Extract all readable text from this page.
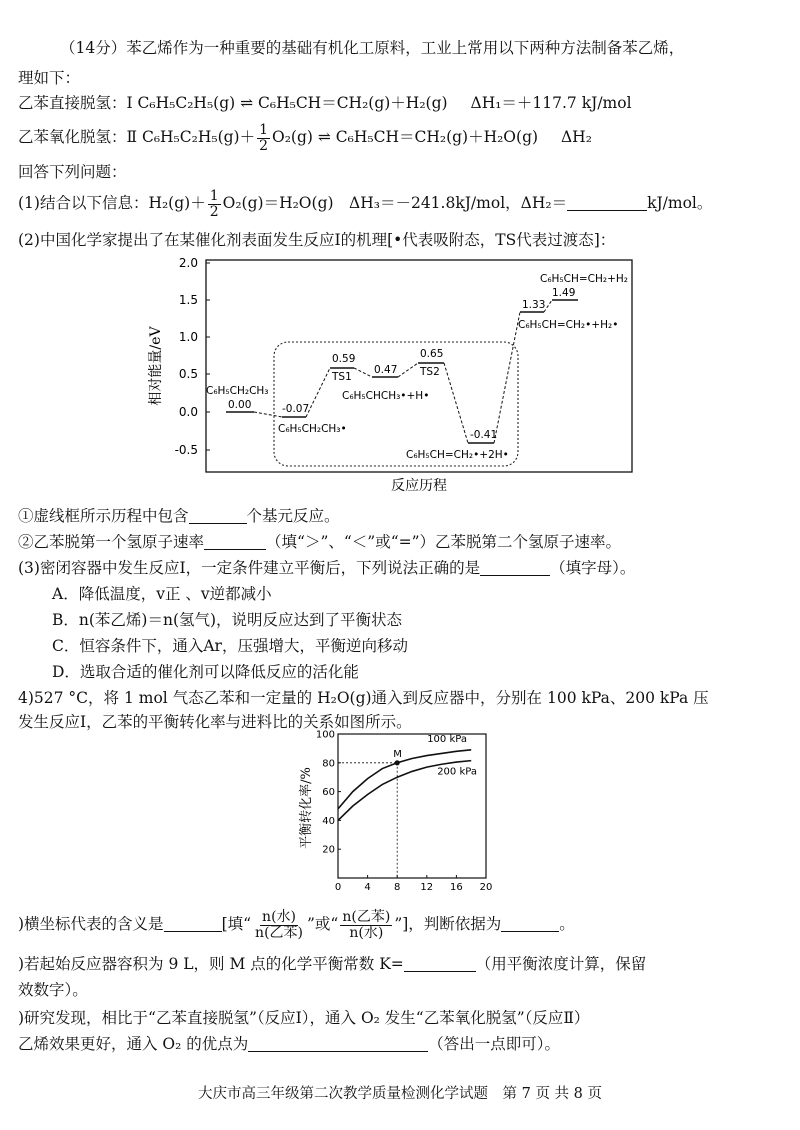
（14分）苯乙烯作为一种重要的基础有机化工原料，工业上常用以下两种方法制备苯乙烯，
理如下：
乙苯直接脱氢：Ⅰ C₆H₅C₂H₅(g) ⇌ C₆H₅CH＝CH₂(g)＋H₂(g) ΔH₁＝＋117.7 kJ/mol
乙苯氧化脱氢：Ⅱ $C_6H_5C_2H_5(g)+ \frac{1}{2} O_2(g)$ ⇌ C₆H₅CH＝CH₂(g)＋H₂O(g) ΔH₂
回答下列问题：
(1)结合以下信息：$H_2(g)+ \frac{1}{2} O_2(g)=H_2O(g)$　ΔH₃＝－241.8kJ/mol，ΔH₂＝	kJ/mol。
(2)中国化学家提出了在某催化剂表面发生反应Ⅰ的机理[•代表吸附态，TS代表过渡态]：
2.0
1.5
1.0
0.5
0.0
-0.5
相对能量/eV	C₆H₅CH₂CH₃
0.00	-0.07
C₆H₅CH₂CH₃•
0.59
TS1
0.47
C₆H₅CHCH₃•+H•
0.65
TS2
-0.41
C₆H₅CH=CH₂•+2H•
1.33
C₆H₅CH=CH₂•+H₂•
1.49
C₆H₅CH=CH₂+H₂
反应历程
①虚线框所示历程中包含	个基元反应。
②乙苯脱第一个氢原子速率	（填“＞”、“＜”或“=”）乙苯脱第二个氢原子速率。
(3)密闭容器中发生反应Ⅰ，一定条件建立平衡后，下列说法正确的是	（填字母）。
A．降低温度，v正 、v逆都减小
B．n(苯乙烯)＝n(氢气)，说明反应达到了平衡状态
C．恒容条件下，通入Ar，压强增大，平衡逆向移动
D．选取合适的催化剂可以降低反应的活化能
4)527 °C，将 1 mol 气态乙苯和一定量的 H₂O(g)通入到反应器中，分别在 100 kPa、200 kPa 压
发生反应Ⅰ，乙苯的平衡转化率与进料比的关系如图所示。
平衡转化率/%
0 4 8 12 16 20
20
40
60
80
100	100 kPa
200 kPa
M
)横坐标代表的含义是	[填“ $\frac{\text{n(水)}}{\text{n(乙苯)}}$ ”或“ $\frac{\text{n(乙苯)}}{\text{n(水)}}$ ”]，判断依据为	。
)若起始反应器容积为 9 L，则 M 点的化学平衡常数 K=	（用平衡浓度计算，保留
效数字）。
)研究发现，相比于“乙苯直接脱氢”（反应Ⅰ），通入 O₂ 发生“乙苯氧化脱氢”（反应Ⅱ）
乙烯效果更好，通入 O₂ 的优点为	（答出一点即可）。
大庆市高三年级第二次教学质量检测化学试题　第 7 页 共 8 页
